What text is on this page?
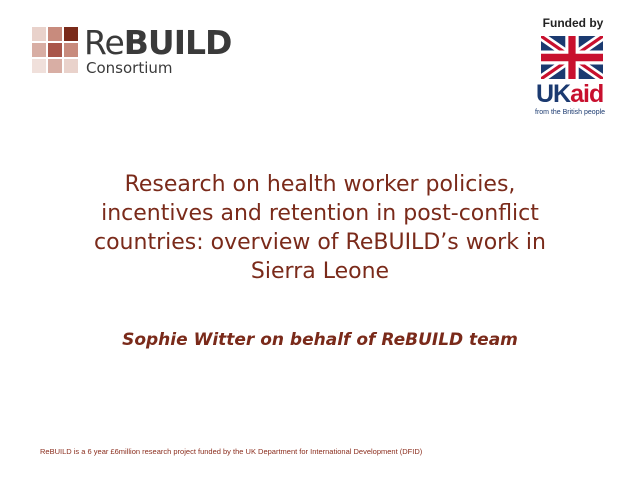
ReBUILD
Consortium
Funded by
UKaid
from the British people
Research on health worker policies,
incentives and retention in post-conflict
countries: overview of ReBUILD’s work in
Sierra Leone
Sophie Witter on behalf of ReBUILD team
ReBUILD is a 6 year £6million research project funded by the UK Department for International Development (DFID)
